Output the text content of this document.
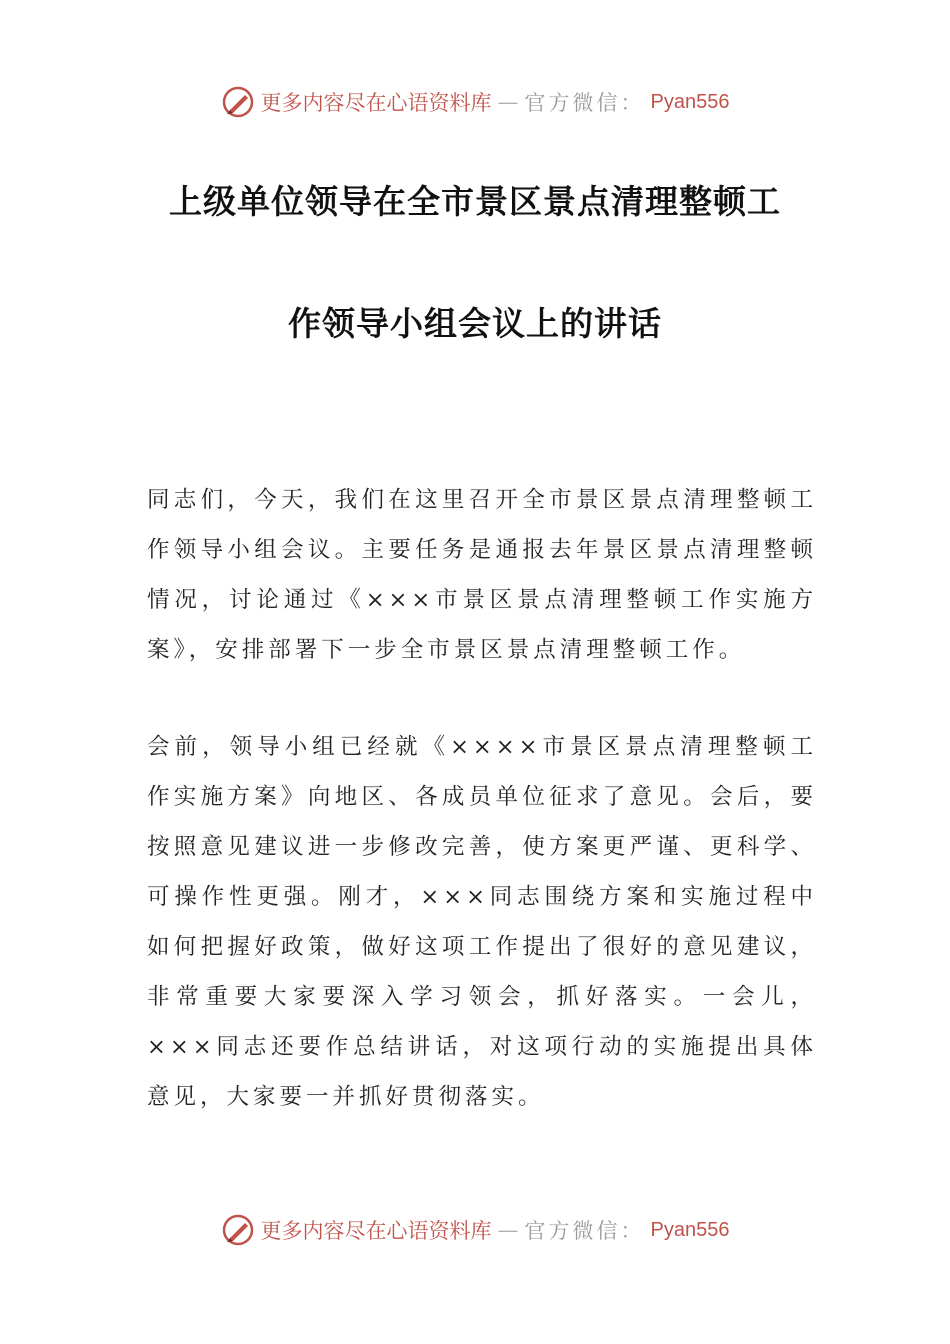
更多内容尽在心语资料库 — 官方微信： Pyan556
上级单位领导在全市景区景点清理整顿工
作领导小组会议上的讲话
同志们，今天，我们在这里召开全市景区景点清理整顿工作领导小组会议。主要任务是通报去年景区景点清理整顿情况，讨论通过《×××市景区景点清理整顿工作实施方案》，安排部署下一步全市景区景点清理整顿工作。
会前，领导小组已经就《××××市景区景点清理整顿工作实施方案》向地区、各成员单位征求了意见。会后，要按照意见建议进一步修改完善，使方案更严谨、更科学、可操作性更强。刚才，×××同志围绕方案和实施过程中如何把握好政策，做好这项工作提出了很好的意见建议，非常重要大家要深入学习领会，抓好落实。一会儿，×××同志还要作总结讲话，对这项行动的实施提出具体意见，大家要一并抓好贯彻落实。
更多内容尽在心语资料库 — 官方微信： Pyan556
